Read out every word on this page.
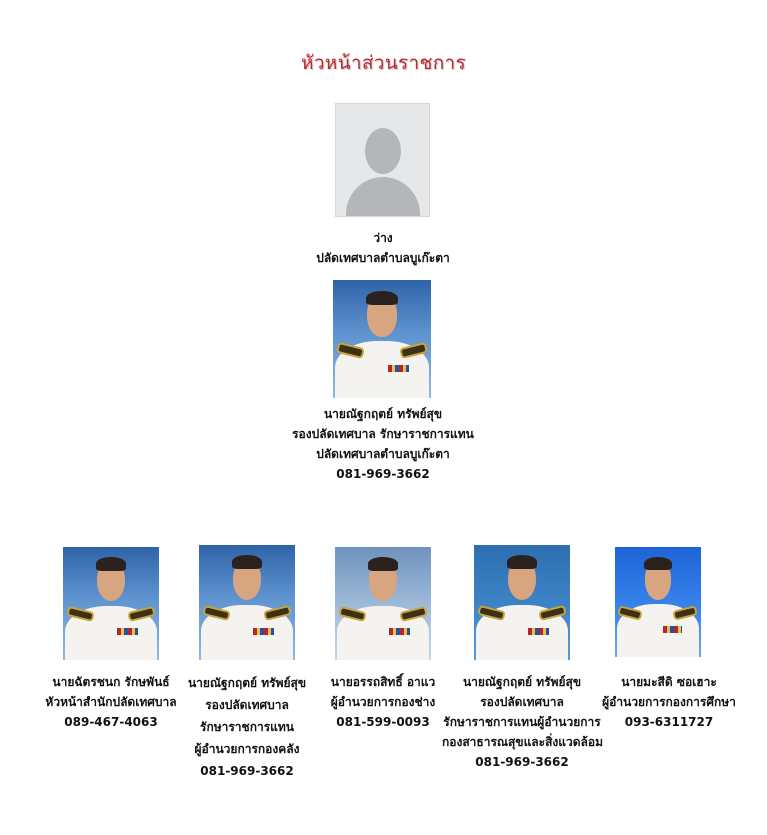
หัวหน้าส่วนราชการ
ว่าง
ปลัดเทศบาลตำบลบูเก๊ะตา
นายณัฐกฤตย์ ทรัพย์สุข
รองปลัดเทศบาล รักษาราชการแทน
ปลัดเทศบาลตำบลบูเก๊ะตา
081-969-3662
นายฉัตรชนก รักษพันธ์
หัวหน้าสำนักปลัดเทศบาล
089-467-4063
นายณัฐกฤตย์ ทรัพย์สุข
รองปลัดเทศบาล
รักษาราชการแทน
ผู้อำนวยการกองคลัง
081-969-3662
นายอรรถสิทธิ์ อาแว
ผู้อำนวยการกองช่าง
081-599-0093
นายณัฐกฤตย์ ทรัพย์สุข
รองปลัดเทศบาล
รักษาราชการแทนผู้อำนวยการ
กองสาธารณสุขและสิ่งแวดล้อม
081-969-3662
นายมะสีดิ ซอเฮาะ
ผู้อำนวยการกองการศึกษา
093-6311727
